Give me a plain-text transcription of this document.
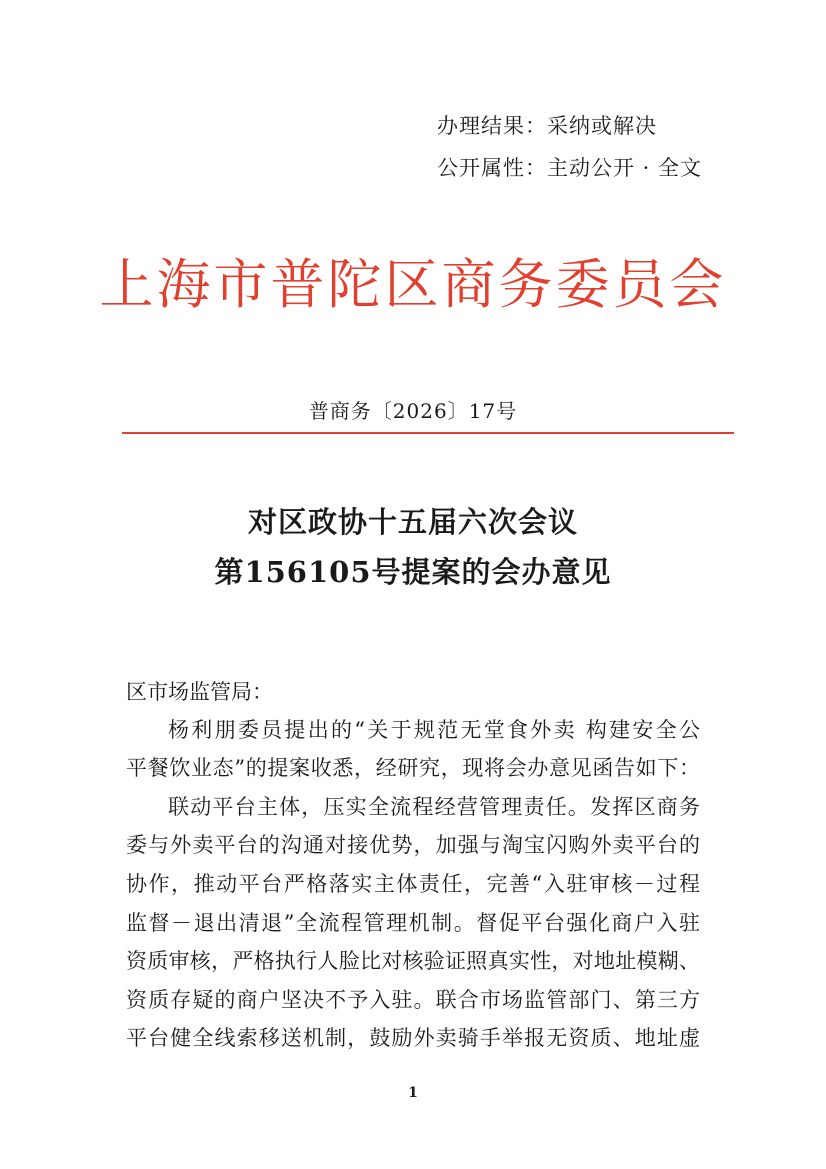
办理结果：采纳或解决
公开属性：主动公开 · 全文
上海市普陀区商务委员会
普商务〔2026〕17号
对区政协十五届六次会议
第156105号提案的会办意见
区市场监管局：
杨利朋委员提出的“关于规范无堂食外卖 构建安全公
平餐饮业态”的提案收悉，经研究，现将会办意见函告如下：
联动平台主体，压实全流程经营管理责任。发挥区商务
委与外卖平台的沟通对接优势，加强与淘宝闪购外卖平台的
协作，推动平台严格落实主体责任，完善“入驻审核－过程
监督－退出清退”全流程管理机制。督促平台强化商户入驻
资质审核，严格执行人脸比对核验证照真实性，对地址模糊、
资质存疑的商户坚决不予入驻。联合市场监管部门、第三方
平台健全线索移送机制，鼓励外卖骑手举报无资质、地址虚
1
